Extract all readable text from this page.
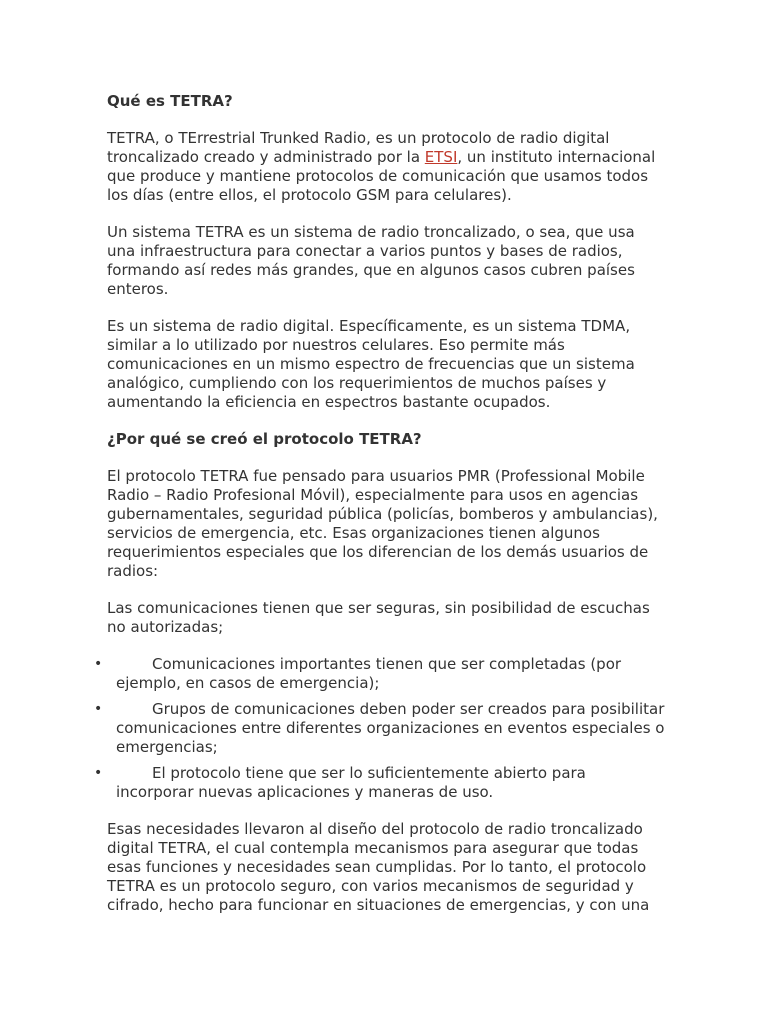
Qué es TETRA?

TETRA, o TErrestrial Trunked Radio, es un protocolo de radio digital troncalizado creado y administrado por la ETSI, un instituto internacional que produce y mantiene protocolos de comunicación que usamos todos los días (entre ellos, el protocolo GSM para celulares).

Un sistema TETRA es un sistema de radio troncalizado, o sea, que usa una infraestructura para conectar a varios puntos y bases de radios, formando así redes más grandes, que en algunos casos cubren países enteros.

Es un sistema de radio digital. Específicamente, es un sistema TDMA, similar a lo utilizado por nuestros celulares. Eso permite más comunicaciones en un mismo espectro de frecuencias que un sistema analógico, cumpliendo con los requerimientos de muchos países y aumentando la eficiencia en espectros bastante ocupados.

¿Por qué se creó el protocolo TETRA?

El protocolo TETRA fue pensado para usuarios PMR (Professional Mobile Radio – Radio Profesional Móvil), especialmente para usos en agencias gubernamentales, seguridad pública (policías, bomberos y ambulancias), servicios de emergencia, etc. Esas organizaciones tienen algunos requerimientos especiales que los diferencian de los demás usuarios de radios:

Las comunicaciones tienen que ser seguras, sin posibilidad de escuchas no autorizadas;

•	Comunicaciones importantes tienen que ser completadas (por ejemplo, en casos de emergencia);
•	Grupos de comunicaciones deben poder ser creados para posibilitar comunicaciones entre diferentes organizaciones en eventos especiales o emergencias;
•	El protocolo tiene que ser lo suficientemente abierto para incorporar nuevas aplicaciones y maneras de uso.

Esas necesidades llevaron al diseño del protocolo de radio troncalizado digital TETRA, el cual contempla mecanismos para asegurar que todas esas funciones y necesidades sean cumplidas. Por lo tanto, el protocolo TETRA es un protocolo seguro, con varios mecanismos de seguridad y cifrado, hecho para funcionar en situaciones de emergencias, y con una
